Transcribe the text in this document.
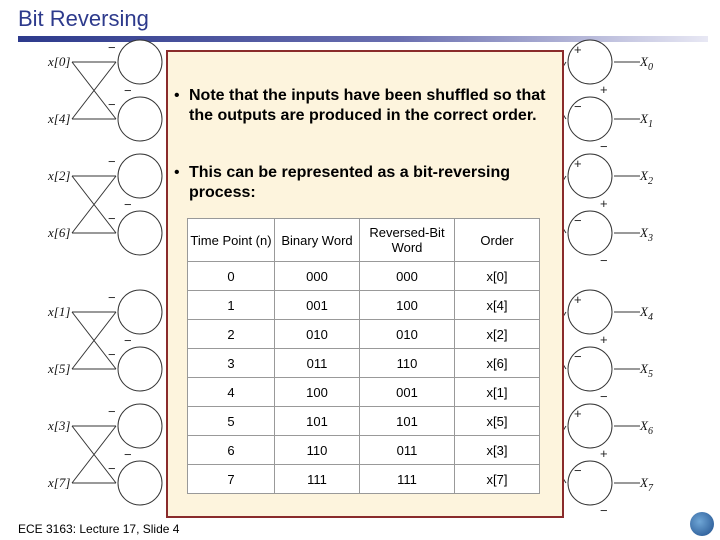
Bit Reversing
x[0]
x[4]
x[2]
x[6]
x[1]
x[5]
x[3]
x[7]
$X_0$
$X_1$
$X_2$
$X_3$
$X_4$
$X_5$
$X_6$
$X_7$
−
−
−
−
−
−
−
−
−
−
−
−
+
+
−
−
+
+
−
−
+
+
−
−
+
+
−
−
• Note that the inputs have been shuffled so that the outputs are produced in the correct order.
• This can be represented as a bit-reversing process:
Time Point (n)	Binary Word	Reversed-Bit Word	Order
0	000	000	x[0]
1	001	100	x[4]
2	010	010	x[2]
3	011	110	x[6]
4	100	001	x[1]
5	101	101	x[5]
6	110	011	x[3]
7	111	111	x[7]
ECE 3163: Lecture 17, Slide 4
